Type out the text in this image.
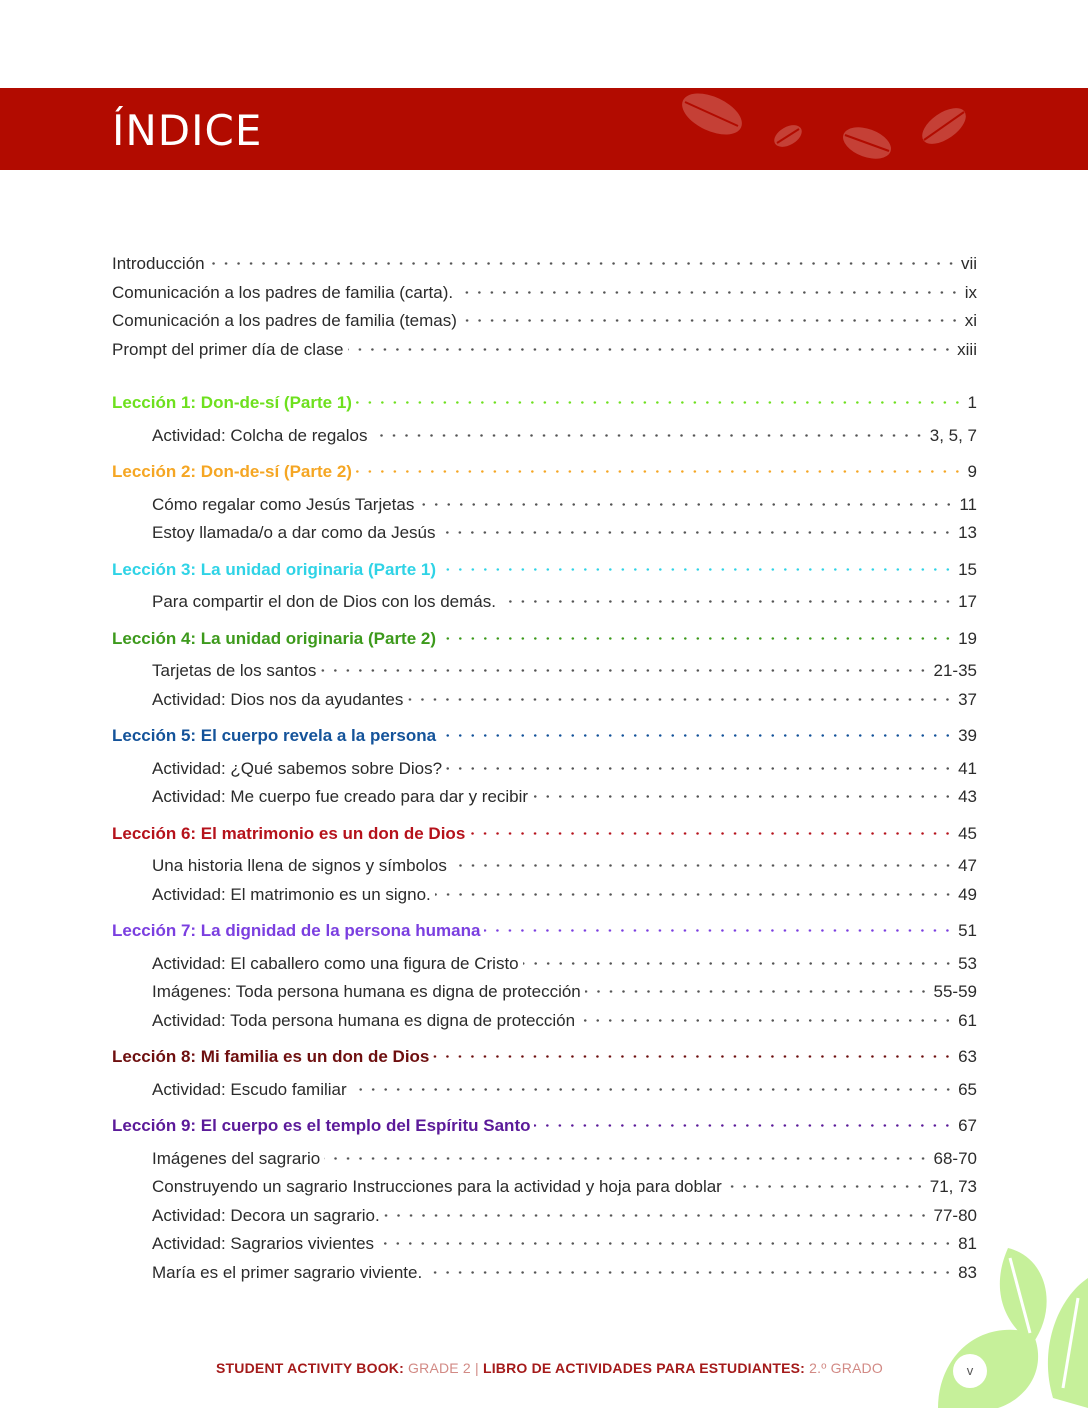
ÍNDICE
Introducción	vii
Comunicación a los padres de familia (carta).	ix
Comunicación a los padres de familia (temas)	xi
Prompt del primer día de clase	xiii
Lección 1: Don-de-sí (Parte 1)	1
Actividad: Colcha de regalos	3, 5, 7
Lección 2: Don-de-sí (Parte 2)	9
Cómo regalar como Jesús Tarjetas	11
Estoy llamada/o a dar como da Jesús	13
Lección 3: La unidad originaria (Parte 1)	15
Para compartir el don de Dios con los demás.	17
Lección 4: La unidad originaria (Parte 2)	19
Tarjetas de los santos	21-35
Actividad: Dios nos da ayudantes	37
Lección 5: El cuerpo revela a la persona	39
Actividad: ¿Qué sabemos sobre Dios?	41
Actividad: Me cuerpo fue creado para dar y recibir	43
Lección 6: El matrimonio es un don de Dios	45
Una historia llena de signos y símbolos	47
Actividad: El matrimonio es un signo.	49
Lección 7: La dignidad de la persona humana	51
Actividad: El caballero como una figura de Cristo	53
Imágenes: Toda persona humana es digna de protección	55-59
Actividad: Toda persona humana es digna de protección	61
Lección 8: Mi familia es un don de Dios	63
Actividad: Escudo familiar	65
Lección 9: El cuerpo es el templo del Espíritu Santo	67
Imágenes del sagrario	68-70
Construyendo un sagrario Instrucciones para la actividad y hoja para doblar	71, 73
Actividad: Decora un sagrario.	77-80
Actividad: Sagrarios vivientes	81
María es el primer sagrario viviente.	83
v
STUDENT ACTIVITY BOOK: GRADE 2 | LIBRO DE ACTIVIDADES PARA ESTUDIANTES: 2.º GRADO
